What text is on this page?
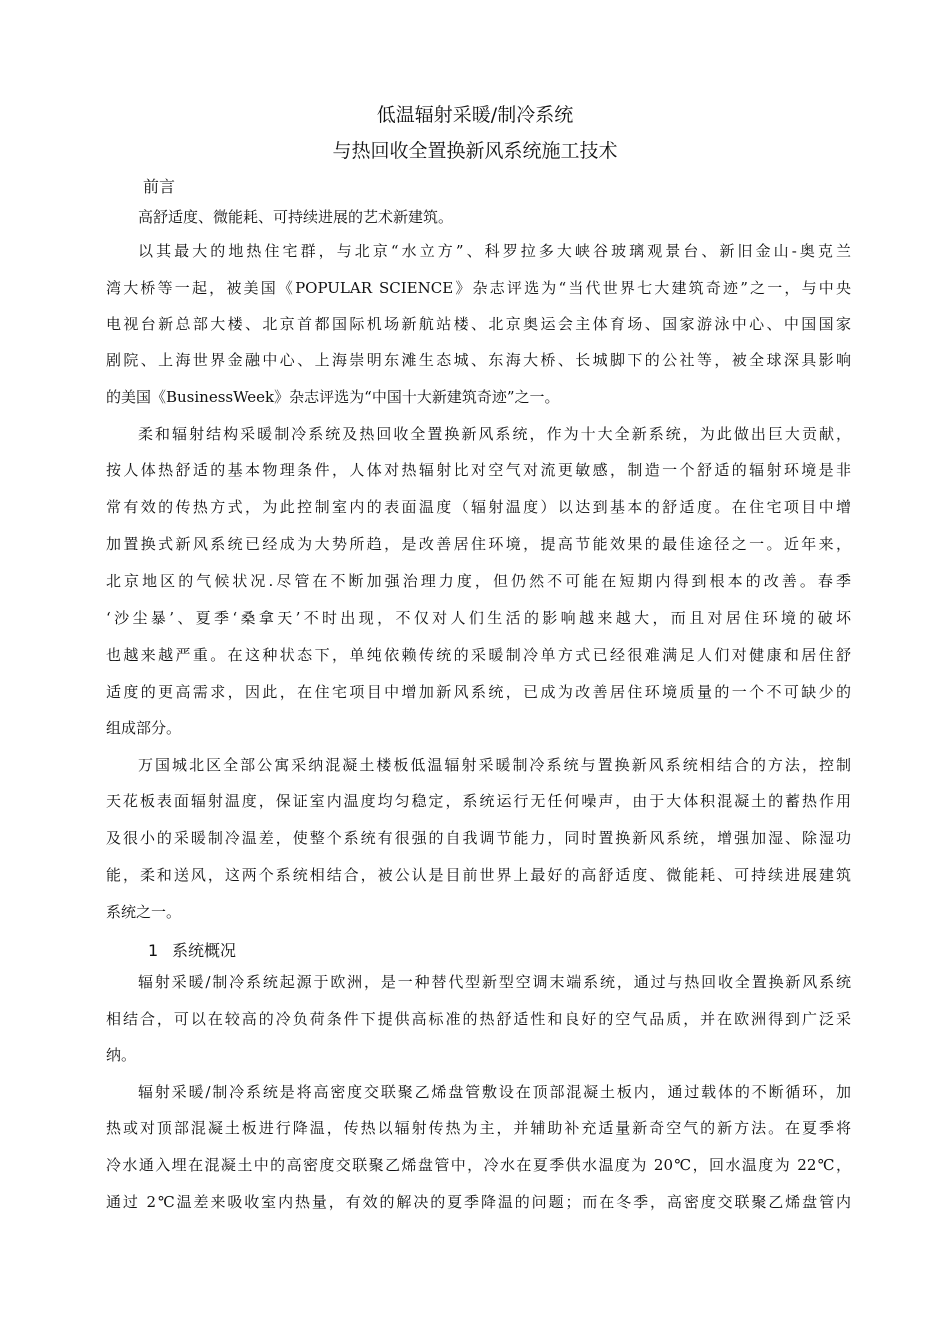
低温辐射采暖/制冷系统
与热回收全置换新风系统施工技术
前言
高舒适度、微能耗、可持续进展的艺术新建筑。
以其最大的地热住宅群，与北京“水立方”、科罗拉多大峡谷玻璃观景台、新旧金山-奥克兰
湾大桥等一起，被美国《POPULAR SCIENCE》杂志评选为“当代世界七大建筑奇迹”之一，与中央
电视台新总部大楼、北京首都国际机场新航站楼、北京奥运会主体育场、国家游泳中心、中国国家
剧院、上海世界金融中心、上海崇明东滩生态城、东海大桥、长城脚下的公社等，被全球深具影响
的美国《BusinessWeek》杂志评选为“中国十大新建筑奇迹”之一。
柔和辐射结构采暖制冷系统及热回收全置换新风系统，作为十大全新系统，为此做出巨大贡献，
按人体热舒适的基本物理条件，人体对热辐射比对空气对流更敏感，制造一个舒适的辐射环境是非
常有效的传热方式，为此控制室内的表面温度（辐射温度）以达到基本的舒适度。在住宅项目中增
加置换式新风系统已经成为大势所趋，是改善居住环境，提高节能效果的最佳途径之一。近年来，
北京地区的气候状况.尽管在不断加强治理力度，但仍然不可能在短期内得到根本的改善。春季
‘沙尘暴’、夏季‘桑拿天’不时出现，不仅对人们生活的影响越来越大，而且对居住环境的破坏
也越来越严重。在这种状态下，单纯依赖传统的采暖制冷单方式已经很难满足人们对健康和居住舒
适度的更高需求，因此，在住宅项目中增加新风系统，已成为改善居住环境质量的一个不可缺少的
组成部分。
万国城北区全部公寓采纳混凝土楼板低温辐射采暖制冷系统与置换新风系统相结合的方法，控制
天花板表面辐射温度，保证室内温度均匀稳定，系统运行无任何噪声，由于大体积混凝土的蓄热作用
及很小的采暖制冷温差，使整个系统有很强的自我调节能力，同时置换新风系统，增强加湿、除湿功
能，柔和送风，这两个系统相结合，被公认是目前世界上最好的高舒适度、微能耗、可持续进展建筑
系统之一。
1 系统概况
辐射采暖/制冷系统起源于欧洲，是一种替代型新型空调末端系统，通过与热回收全置换新风系统
相结合，可以在较高的冷负荷条件下提供高标准的热舒适性和良好的空气品质，并在欧洲得到广泛采
纳。
辐射采暖/制冷系统是将高密度交联聚乙烯盘管敷设在顶部混凝土板内，通过载体的不断循环，加
热或对顶部混凝土板进行降温，传热以辐射传热为主，并辅助补充适量新奇空气的新方法。在夏季将
冷水通入埋在混凝土中的高密度交联聚乙烯盘管中，冷水在夏季供水温度为 20℃，回水温度为 22℃，
通过 2℃温差来吸收室内热量，有效的解决的夏季降温的问题；而在冬季，高密度交联聚乙烯盘管内
